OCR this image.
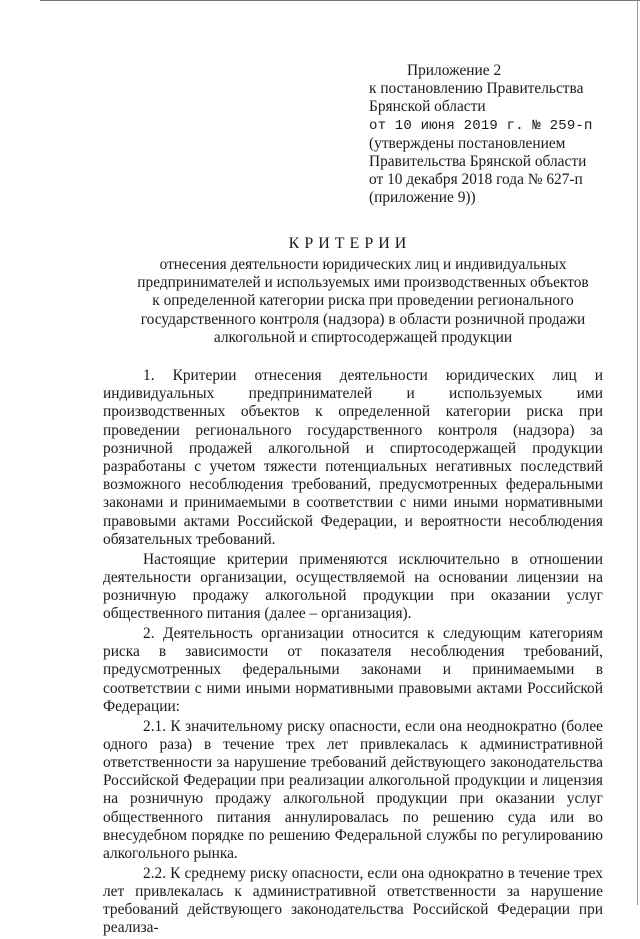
Приложение 2
к постановлению Правительства
Брянской области
от 10 июня 2019 г. № 259-п
(утверждены постановлением
Правительства Брянской области
от 10 декабря 2018 года № 627-п
(приложение 9))
КРИТЕРИИ
отнесения деятельности юридических лиц и индивидуальных
предпринимателей и используемых ими производственных объектов
к определенной категории риска при проведении регионального
государственного контроля (надзора) в области розничной продажи
алкогольной и спиртосодержащей продукции

1. Критерии отнесения деятельности юридических лиц и индивидуальных предпринимателей и используемых ими производственных объектов к определенной категории риска при проведении регионального государственного контроля (надзора) за розничной продажей алкогольной и спиртосодержащей продукции разработаны с учетом тяжести потенциальных негативных последствий возможного несоблюдения требований, предусмотренных федеральными законами и принимаемыми в соответствии с ними иными нормативными правовыми актами Российской Федерации, и вероятности несоблюдения обязательных требований.

Настоящие критерии применяются исключительно в отношении деятельности организации, осуществляемой на основании лицензии на розничную продажу алкогольной продукции при оказании услуг общественного питания (далее – организация).

2. Деятельность организации относится к следующим категориям риска в зависимости от показателя несоблюдения требований, предусмотренных федеральными законами и принимаемыми в соответствии с ними иными нормативными правовыми актами Российской Федерации:

2.1. К значительному риску опасности, если она неоднократно (более одного раза) в течение трех лет привлекалась к административной ответственности за нарушение требований действующего законодательства Российской Федерации при реализации алкогольной продукции и лицензия на розничную продажу алкогольной продукции при оказании услуг общественного питания аннулировалась по решению суда или во внесудебном порядке по решению Федеральной службы по регулированию алкогольного рынка.

2.2. К среднему риску опасности, если она однократно в течение трех лет привлекалась к административной ответственности за нарушение требований действующего законодательства Российской Федерации при реализа-
